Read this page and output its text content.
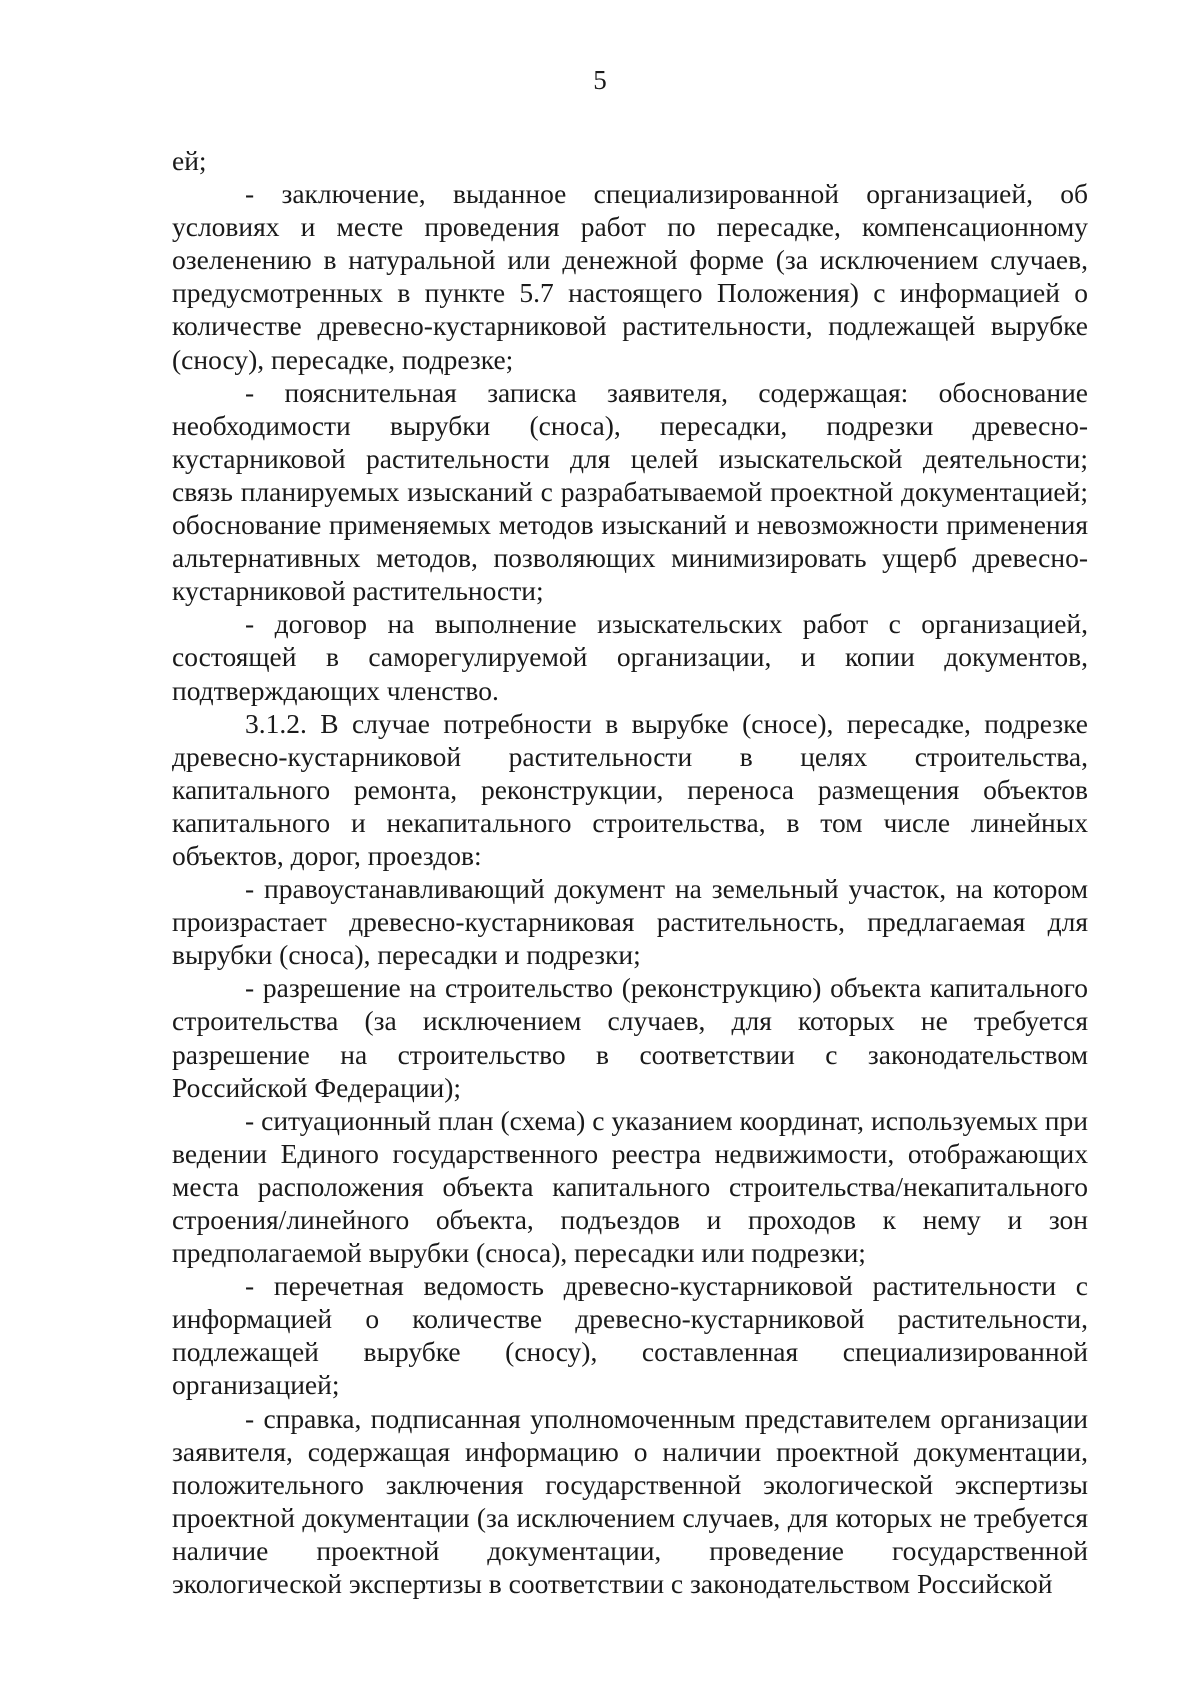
5

ей;

- заключение, выданное специализированной организацией, об условиях и месте проведения работ по пересадке, компенсационному озеленению в натуральной или денежной форме (за исключением случаев, предусмотренных в пункте 5.7 настоящего Положения) с информацией о количестве древесно-кустарниковой растительности, подлежащей вырубке (сносу), пересадке, подрезке;

- пояснительная записка заявителя, содержащая: обоснование необходимости вырубки (сноса), пересадки, подрезки древесно-кустарниковой растительности для целей изыскательской деятельности; связь планируемых изысканий с разрабатываемой проектной документацией; обоснование применяемых методов изысканий и невозможности применения альтернативных методов, позволяющих минимизировать ущерб древесно-кустарниковой растительности;

- договор на выполнение изыскательских работ с организацией, состоящей в саморегулируемой организации, и копии документов, подтверждающих членство.

3.1.2. В случае потребности в вырубке (сносе), пересадке, подрезке древесно-кустарниковой растительности в целях строительства, капитального ремонта, реконструкции, переноса размещения объектов капитального и некапитального строительства, в том числе линейных объектов, дорог, проездов:

- правоустанавливающий документ на земельный участок, на котором произрастает древесно-кустарниковая растительность, предлагаемая для вырубки (сноса), пересадки и подрезки;

- разрешение на строительство (реконструкцию) объекта капитального строительства (за исключением случаев, для которых не требуется разрешение на строительство в соответствии с законодательством Российской Федерации);

- ситуационный план (схема) с указанием координат, используемых при ведении Единого государственного реестра недвижимости, отображающих места расположения объекта капитального строительства/некапитального строения/линейного объекта, подъездов и проходов к нему и зон предполагаемой вырубки (сноса), пересадки или подрезки;

- перечетная ведомость древесно-кустарниковой растительности с информацией о количестве древесно-кустарниковой растительности, подлежащей вырубке (сносу), составленная специализированной организацией;

- справка, подписанная уполномоченным представителем организации заявителя, содержащая информацию о наличии проектной документации, положительного заключения государственной экологической экспертизы проектной документации (за исключением случаев, для которых не требуется наличие проектной документации, проведение государственной экологической экспертизы в соответствии с законодательством Российской
